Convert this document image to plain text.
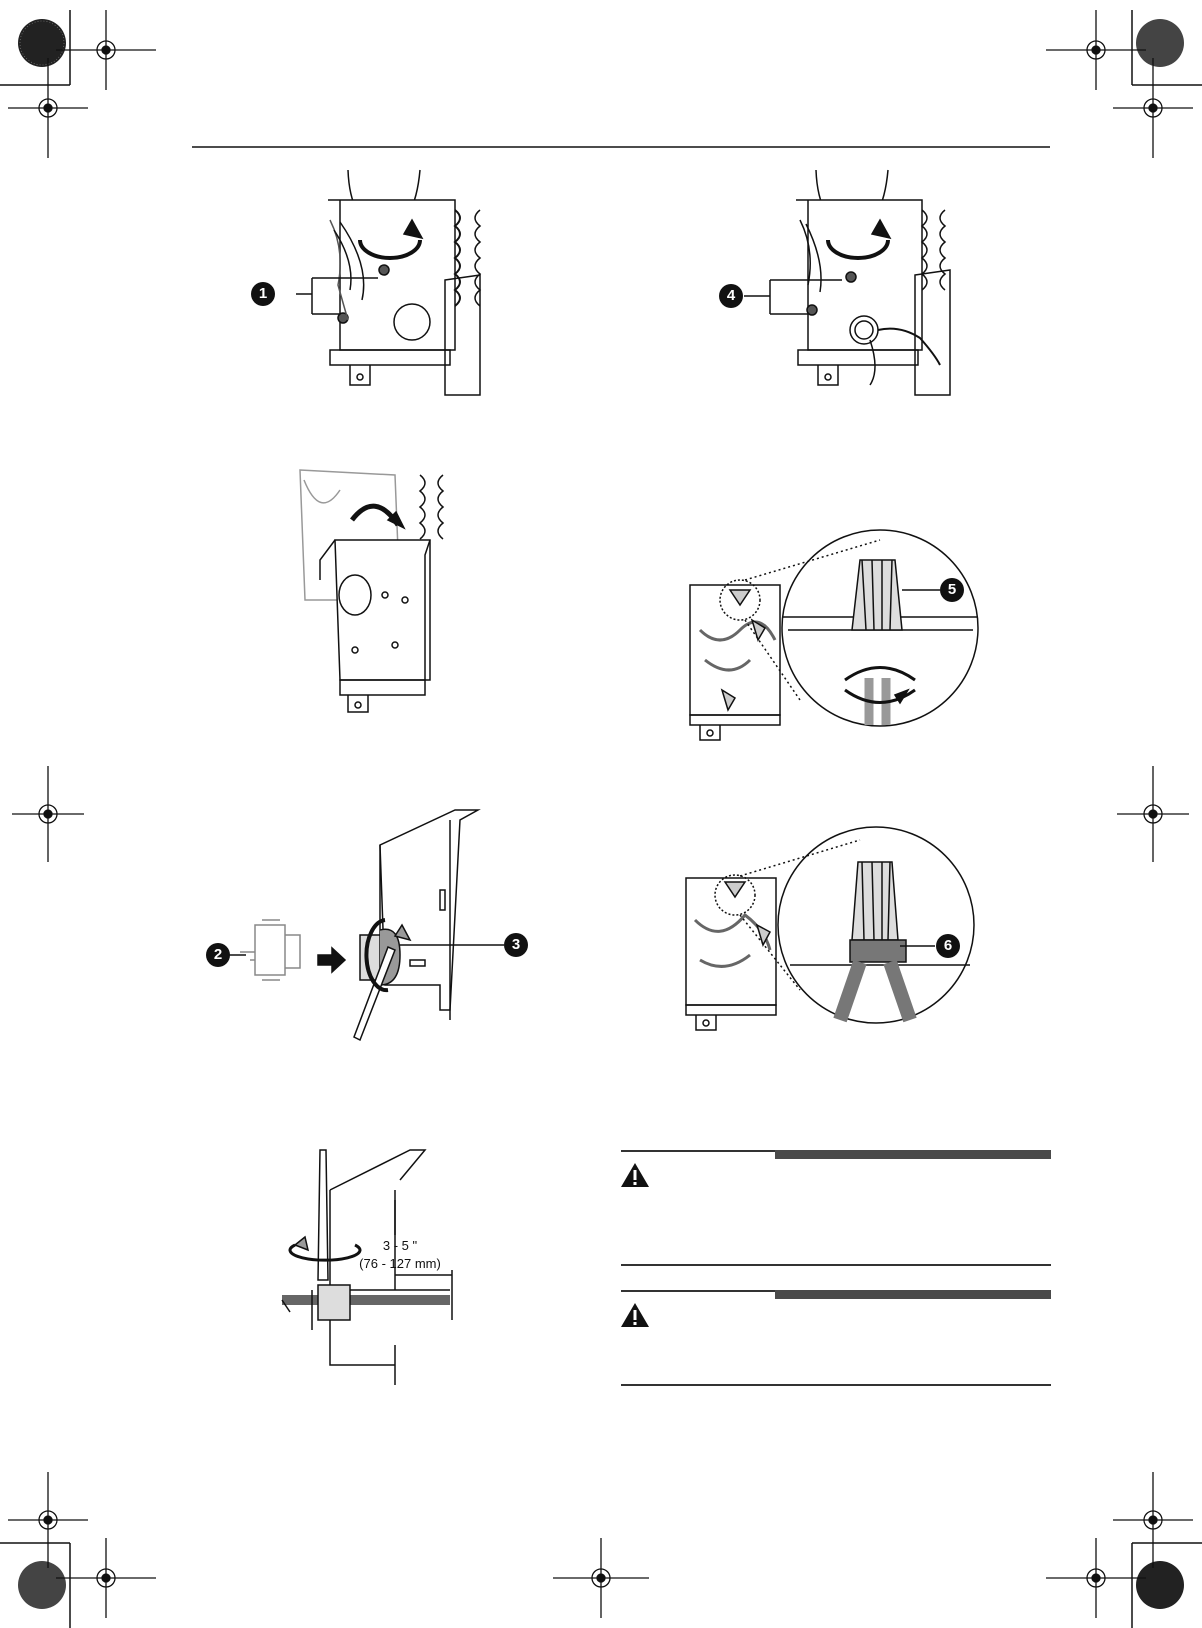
1	4
5
2
3	6
3 - 5 "
(76 - 127 mm)
